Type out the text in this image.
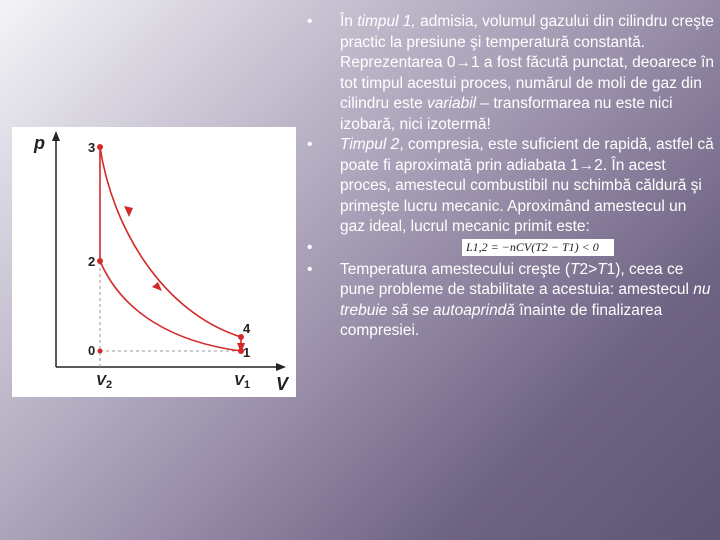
p
V
3
2
0
4
1
$V_2$	$V_1$
• În timpul 1, admisia, volumul gazului din cilindru creşte practic la presiune şi temperatură constantă. Reprezentarea 0→1 a fost făcută punctat, deoarece în tot timpul acestui proces, numărul de moli de gaz din cilindru este variabil – transformarea nu este nici izobară, nici izotermă!
• Timpul 2, compresia, este suficient de rapidă, astfel că poate fi aproximată prin adiabata 1→2. În acest proces, amestecul combustibil nu schimbă căldură şi primeşte lucru mecanic. Aproximând amestecul un gaz ideal, lucrul mecanic primit este:
•	L1,2 = −nCV(T2 − T1) < 0
• Temperatura amestecului creşte (T2>T1), ceea ce pune probleme de stabilitate a acestuia: amestecul nu trebuie să se autoaprindă înainte de finalizarea compresiei.
